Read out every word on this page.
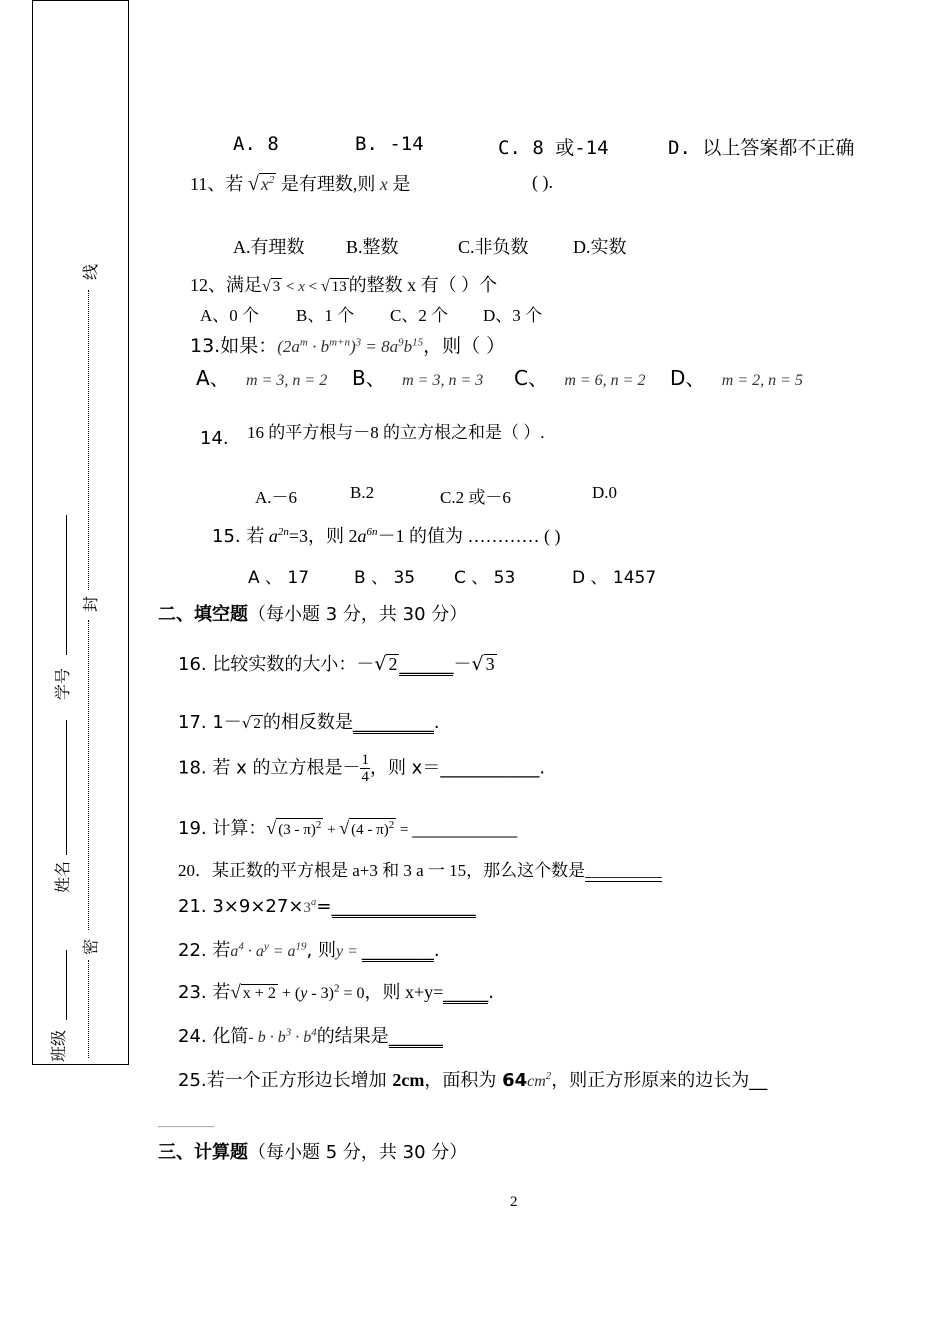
班级
密
姓名
学号
封
线
A. 8	B. -14	C. 8 或-14	D. 以上答案都不正确
11、若 √ $x^2$ 是有理数,则 x 是	( ).
A.有理数 B.整数	C.非负数 D.实数
12、满足√ 3 < x < √ 13 的整数 x 有（ ）个
A、0 个 B、1 个 C、2 个 D、3 个
13.如果：$(2a^m \cdot b^{m+n})^3 = 8a^9b^{15}$，则（ ）
A、 m = 3, n = 2 B、 m = 3, n = 3 C、 m = 6, n = 2 D、 m = 2, n = 5
14. 16 的平方根与－8 的立方根之和是（ ）.
A.－6	B.2	C.2 或－6	D.0
15. 若 $a^{2n}=3$，则 $2a^{6n}-1$ 的值为 ………… ( )
A 、 17	B 、 35 C 、 53	D 、 1457
二、填空题（每小题 3 分，共 30 分）
16. 比较实数的大小：－√ 2 ______－√ 3
17. 1－√ 2 的相反数是_________.
18. 若 x 的立方根是－ $\frac{1}{4}$ ，则 x＝___________.
19. 计算：√ (3 - π)$^2$ + √ (4 - π)$^2$ = _______________
20．某正数的平方根是 a+3 和 3 a 一 15，那么这个数是_________
21. $3\times 9\times 27\times 3^a=\_\_\_\_\_\_\_\_\_\_\_\_\_\_\_\_$
22. 若$a^4 \cdot a^y = a^{19}$, 则y = ________.
23. 若√ x + 2 + (y - 3)$^2$ = 0，则 x+y=_____.
24. 化简- $b \cdot b^3 \cdot b^4$的结果是______
25.若一个正方形边长增加 2cm，面积为 $64cm^2$，则正方形原来的边长为__
________
三、计算题（每小题 5 分，共 30 分）
2
